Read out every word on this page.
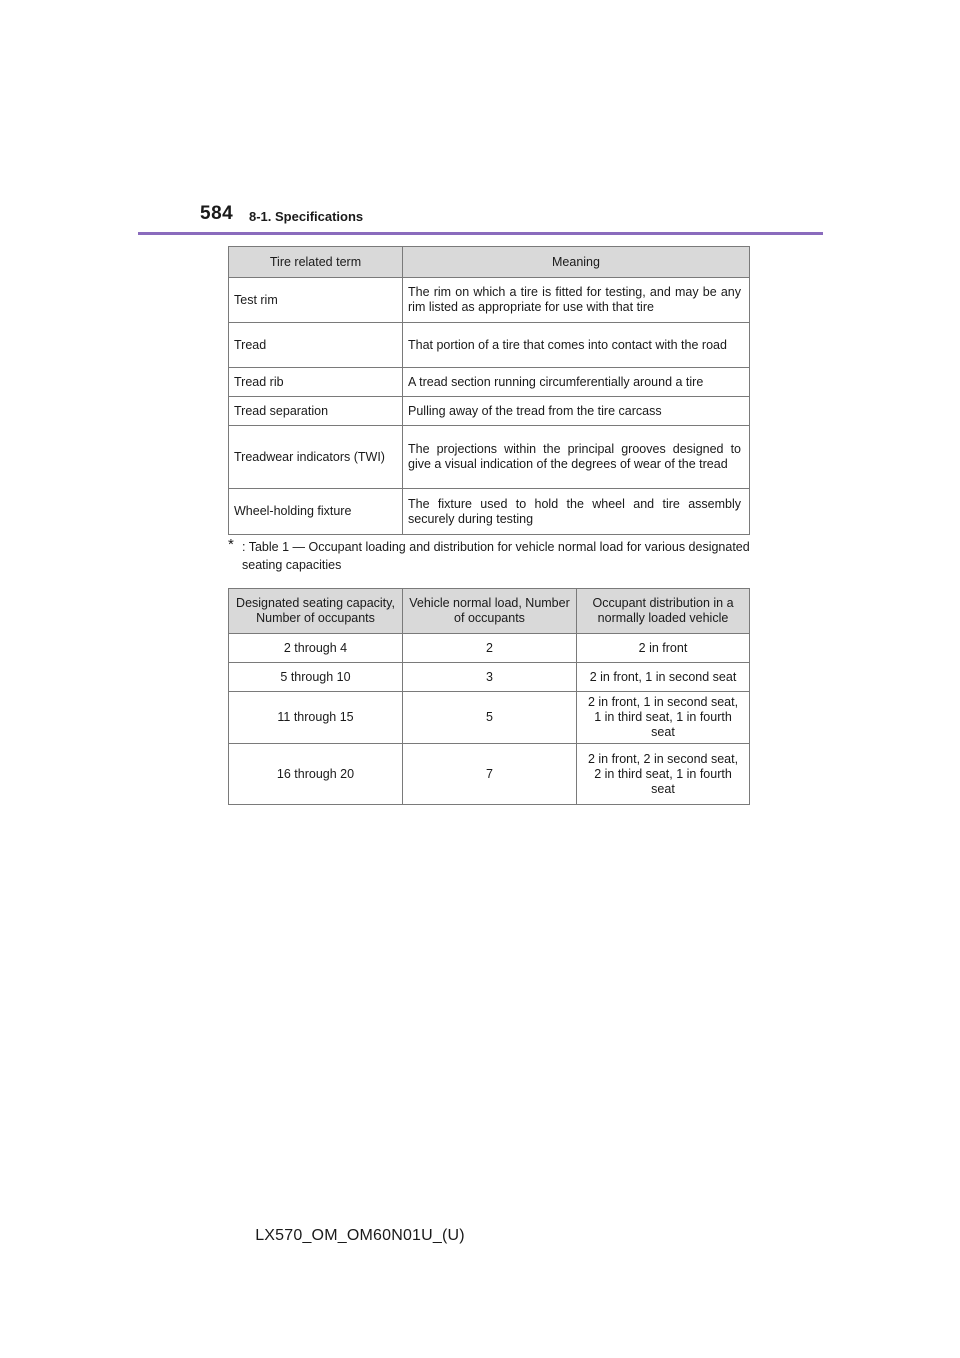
584 8-1. Specifications
Tire related term	Meaning
Test rim	The rim on which a tire is fitted for testing, and may be any rim listed as appropriate for use with that tire
Tread	That portion of a tire that comes into contact with the road
Tread rib	A tread section running circumferentially around a tire
Tread separation	Pulling away of the tread from the tire carcass
Treadwear indicators (TWI)	The projections within the principal grooves designed to give a visual indication of the degrees of wear of the tread
Wheel-holding fixture	The fixture used to hold the wheel and tire assembly securely during testing
* : Table 1 — Occupant loading and distribution for vehicle normal load for various designated seating capacities
Designated seating capacity, Number of occupants	Vehicle normal load, Number of occupants	Occupant distribution in a normally loaded vehicle
2 through 4	2	2 in front
5 through 10	3	2 in front, 1 in second seat
11 through 15	5	2 in front, 1 in second seat, 1 in third seat, 1 in fourth seat
16 through 20	7	2 in front, 2 in second seat, 2 in third seat, 1 in fourth seat
LX570_OM_OM60N01U_(U)
